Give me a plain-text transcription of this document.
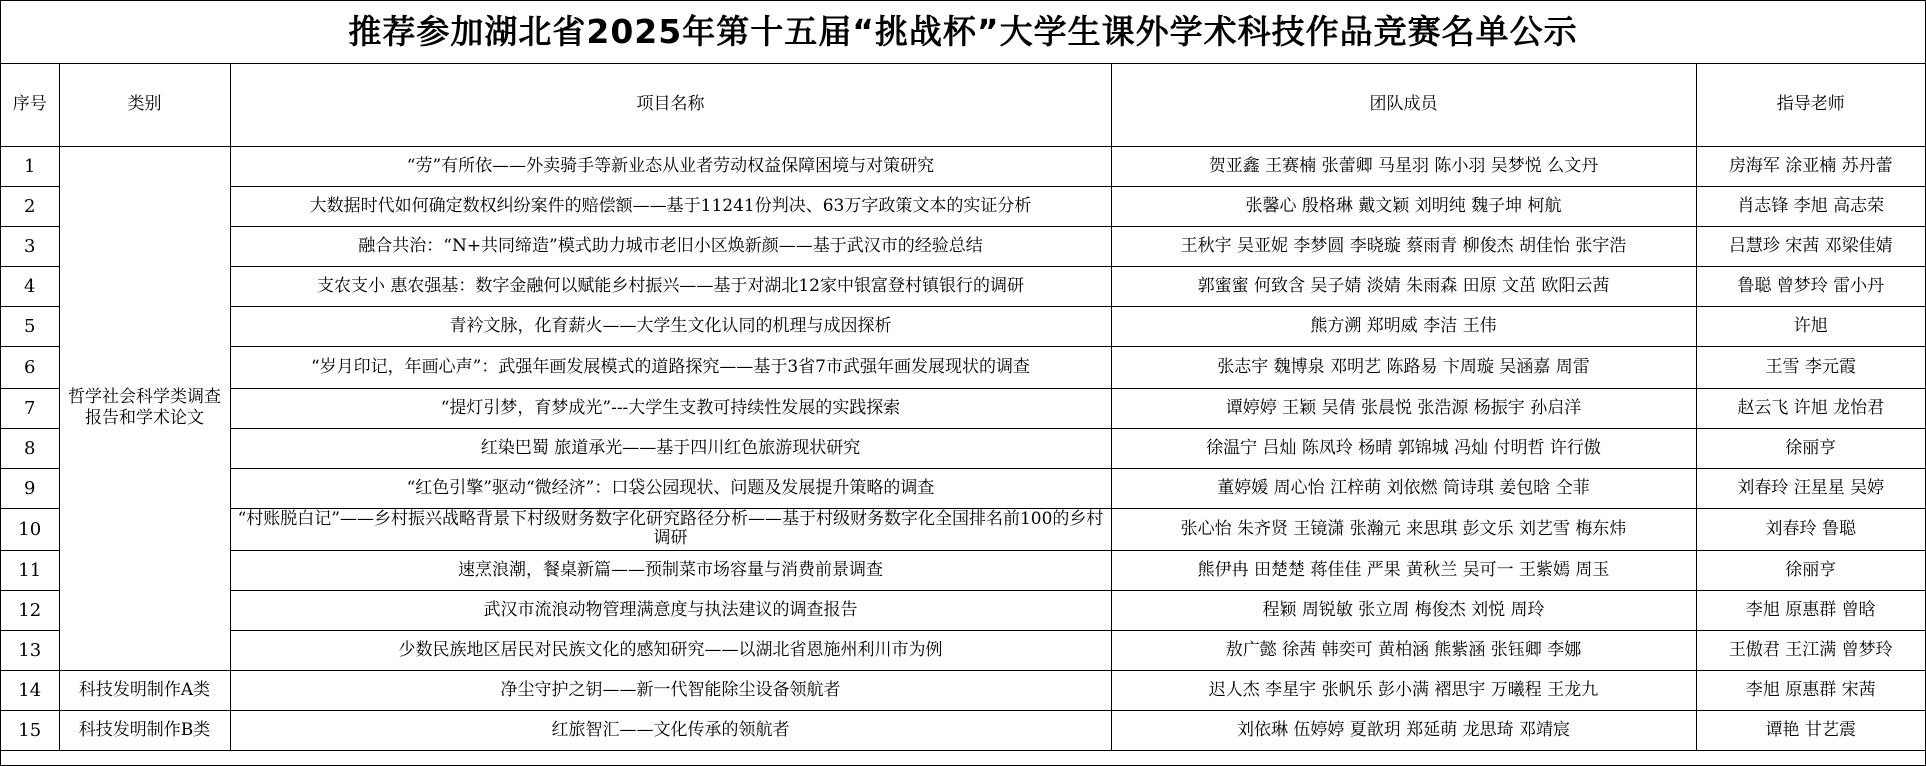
推荐参加湖北省2025年第十五届“挑战杯”大学生课外学术科技作品竞赛名单公示
序号	类别	项目名称	团队成员	指导老师
1	哲学社会科学类调查报告和学术论文	“劳”有所依——外卖骑手等新业态从业者劳动权益保障困境与对策研究	贺亚鑫 王赛楠 张蕾卿 马星羽 陈小羽 吴梦悦 么文丹	房海军 涂亚楠 苏丹蕾
2		大数据时代如何确定数权纠纷案件的赔偿额——基于11241份判决、63万字政策文本的实证分析	张馨心 殷格琳 戴文颖 刘明纯 魏子坤 柯航	肖志锋 李旭 高志荣
3		融合共治：“N+共同缔造”模式助力城市老旧小区焕新颜——基于武汉市的经验总结	王秋宇 吴亚妮 李梦圆 李晓璇 蔡雨青 柳俊杰 胡佳怡 张宇浩	吕慧珍 宋茜 邓梁佳婧
4		支农支小 惠农强基：数字金融何以赋能乡村振兴——基于对湖北12家中银富登村镇银行的调研	郭蜜蜜 何致含 吴子婧 淡婧 朱雨森 田原 文茁 欧阳云茜	鲁聪 曾梦玲 雷小丹
5		青衿文脉，化育薪火——大学生文化认同的机理与成因探析	熊方溯 郑明威 李洁 王伟	许旭
6		“岁月印记，年画心声”：武强年画发展模式的道路探究——基于3省7市武强年画发展现状的调查	张志宇 魏博泉 邓明艺 陈路易 卞周璇 吴涵嘉 周雷	王雪 李元霞
7		“提灯引梦，育梦成光”---大学生支教可持续性发展的实践探索	谭婷婷 王颖 吴倩 张晨悦 张浩源 杨振宇 孙启洋	赵云飞 许旭 龙怡君
8		红染巴蜀 旅道承光——基于四川红色旅游现状研究	徐温宁 吕灿 陈凤玲 杨晴 郭锦城 冯灿 付明哲 许行傲	徐丽亨
9		“红色引擎”驱动“微经济”：口袋公园现状、问题及发展提升策略的调查	董婷媛 周心怡 江梓萌 刘依燃 筒诗琪 姜包晗 仝菲	刘春玲 汪星星 吴婷
10		“村账脱白记”——乡村振兴战略背景下村级财务数字化研究路径分析——基于村级财务数字化全国排名前100的乡村调研	张心怡 朱齐贤 王镜潇 张瀚元 来思琪 彭文乐 刘艺雪 梅东炜	刘春玲 鲁聪
11		速烹浪潮，餐桌新篇——预制菜市场容量与消费前景调查	熊伊冉 田楚楚 蒋佳佳 严果 黄秋兰 吴可一 王紫嫣 周玉	徐丽亨
12		武汉市流浪动物管理满意度与执法建议的调查报告	程颖 周锐敏 张立周 梅俊杰 刘悦 周玲	李旭 原惠群 曾晗
13		少数民族地区居民对民族文化的感知研究——以湖北省恩施州利川市为例	敖广懿 徐茜 韩奕可 黄柏涵 熊紫涵 张钰卿 李娜	王傲君 王江满 曾梦玲
14	科技发明制作A类	净尘守护之钥——新一代智能除尘设备领航者	迟人杰 李星宇 张帆乐 彭小满 褶思宇 万曦程 王龙九	李旭 原惠群 宋茜
15	科技发明制作B类	红旅智汇——文化传承的领航者	刘依琳 伍婷婷 夏歆玥 郑延萌 龙思琦 邓靖宸	谭艳 甘艺震
